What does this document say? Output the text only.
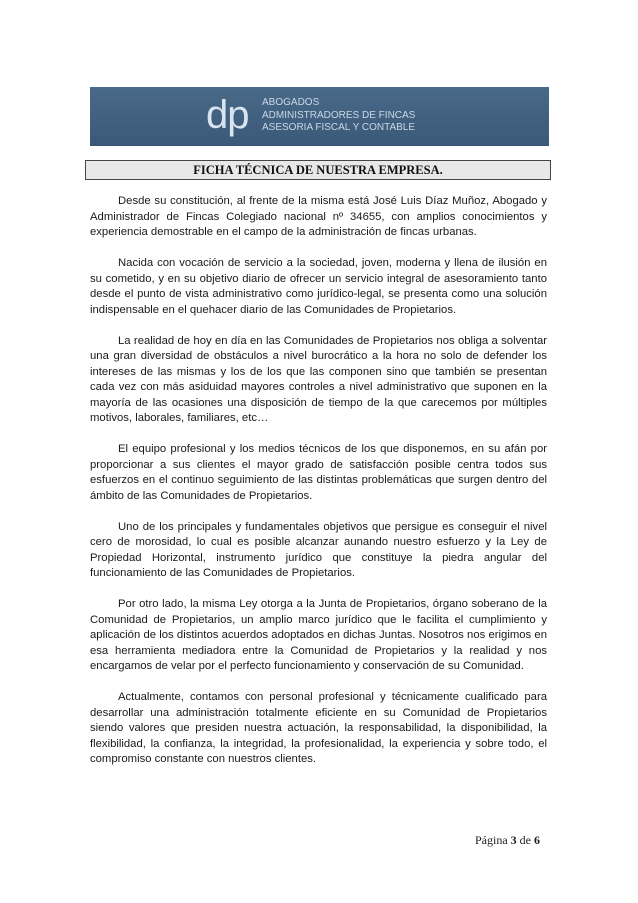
dp ABOGADOS
ADMINISTRADORES DE FINCAS
ASESORIA FISCAL Y CONTABLE
FICHA TÉCNICA DE NUESTRA EMPRESA.

Desde su constitución, al frente de la misma está José Luis Díaz Muñoz, Abogado y Administrador de Fincas Colegiado nacional nº 34655, con amplios conocimientos y experiencia demostrable en el campo de la administración de fincas urbanas.

Nacida con vocación de servicio a la sociedad, joven, moderna y llena de ilusión en su cometido, y en su objetivo diario de ofrecer un servicio integral de asesoramiento tanto desde el punto de vista administrativo como jurídico-legal, se presenta como una solución indispensable en el quehacer diario de las Comunidades de Propietarios.

La realidad de hoy en día en las Comunidades de Propietarios nos obliga a solventar una gran diversidad de obstáculos a nivel burocrático a la hora no solo de defender los intereses de las mismas y los de los que las componen sino que también se presentan cada vez con más asiduidad mayores controles a nivel administrativo que suponen en la mayoría de las ocasiones una disposición de tiempo de la que carecemos por múltiples motivos, laborales, familiares, etc…

El equipo profesional y los medios técnicos de los que disponemos, en su afán por proporcionar a sus clientes el mayor grado de satisfacción posible centra todos sus esfuerzos en el continuo seguimiento de las distintas problemáticas que surgen dentro del ámbito de las Comunidades de Propietarios.

Uno de los principales y fundamentales objetivos que persigue es conseguir el nivel cero de morosidad, lo cual es posible alcanzar aunando nuestro esfuerzo y la Ley de Propiedad Horizontal, instrumento jurídico que constituye la piedra angular del funcionamiento de las Comunidades de Propietarios.

Por otro lado, la misma Ley otorga a la Junta de Propietarios, órgano soberano de la Comunidad de Propietarios, un amplio marco jurídico que le facilita el cumplimiento y aplicación de los distintos acuerdos adoptados en dichas Juntas. Nosotros nos erigimos en esa herramienta mediadora entre la Comunidad de Propietarios y la realidad y nos encargamos de velar por el perfecto funcionamiento y conservación de su Comunidad.

Actualmente, contamos con personal profesional y técnicamente cualificado para desarrollar una administración totalmente eficiente en su Comunidad de Propietarios siendo valores que presiden nuestra actuación, la responsabilidad, la disponibilidad, la flexibilidad, la confianza, la integridad, la profesionalidad, la experiencia y sobre todo, el compromiso constante con nuestros clientes.

Página 3 de 6
